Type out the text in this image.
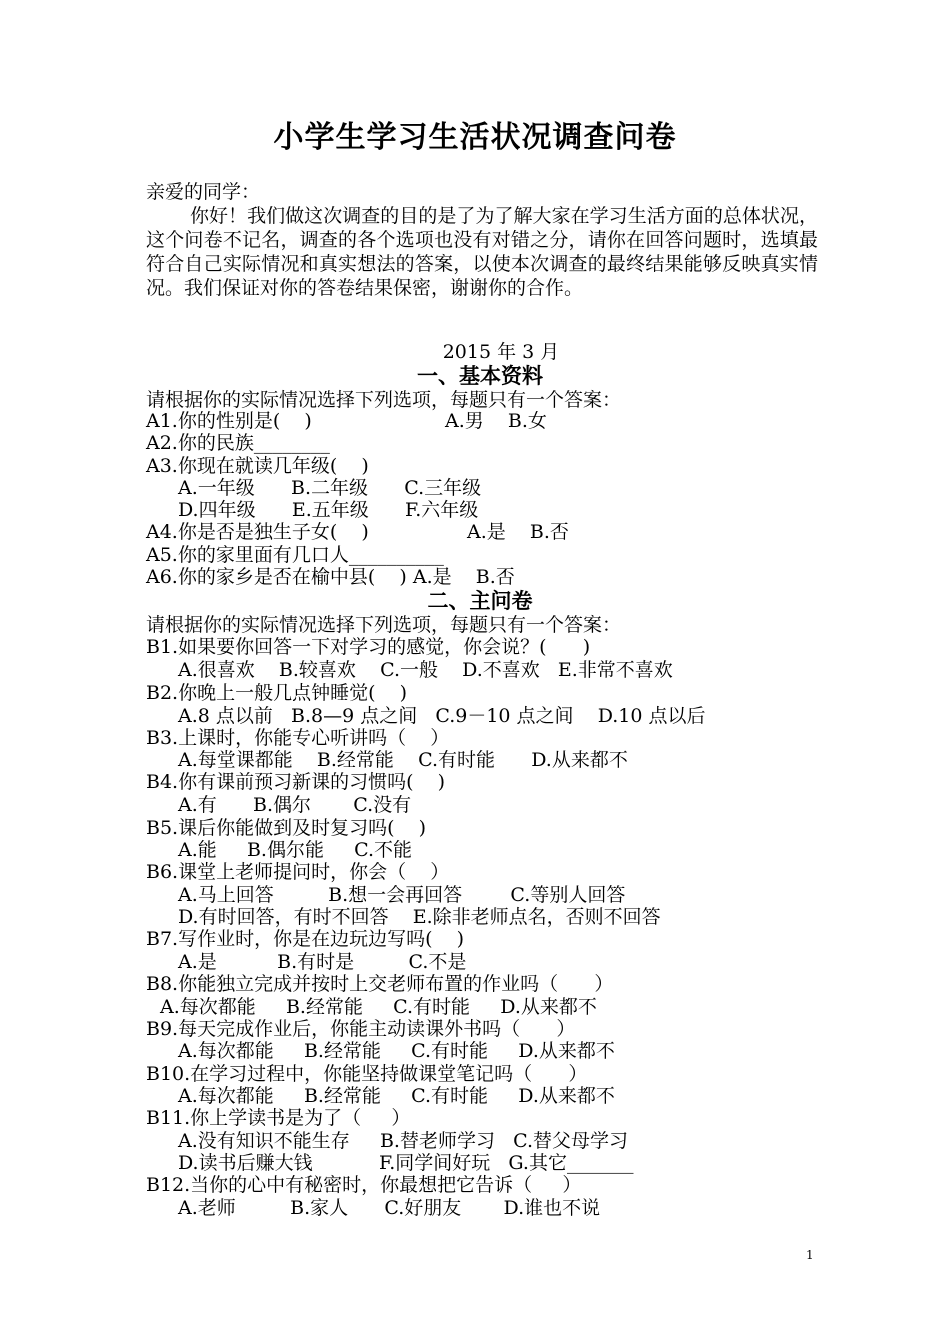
小学生学习生活状况调查问卷

亲爱的同学：

你好！我们做这次调查的目的是了为了解大家在学习生活方面的总体状况，这个问卷不记名，调查的各个选项也没有对错之分，请你在回答问题时，选填最符合自己实际情况和真实想法的答案，以使本次调查的最终结果能够反映真实情况。我们保证对你的答卷结果保密，谢谢你的合作。

2015 年 3 月
一、基本资料
请根据你的实际情况选择下列选项，每题只有一个答案：
A1.你的性别是(    )	A.男    B.女
A2.你的民族________
A3.你现在就读几年级(    )
A.一年级      B.二年级      C.三年级
D.四年级      E.五年级      F.六年级
A4.你是否是独生子女(    )	A.是    B.否
A5.你的家里面有几口人__________
A6.你的家乡是否在榆中县(    ) A.是    B.否
二、主问卷
请根据你的实际情况选择下列选项，每题只有一个答案：
B1.如果要你回答一下对学习的感觉，你会说？(      )
A.很喜欢    B.较喜欢    C.一般    D.不喜欢   E.非常不喜欢
B2.你晚上一般几点钟睡觉(    )
A.8 点以前   B.8—9 点之间   C.9－10 点之间    D.10 点以后
B3.上课时，你能专心听讲吗（    ）
A.每堂课都能    B.经常能    C.有时能      D.从来都不
B4.你有课前预习新课的习惯吗(    )
A.有      B.偶尔       C.没有
B5.课后你能做到及时复习吗(    )
A.能     B.偶尔能     C.不能
B6.课堂上老师提问时，你会（    ）
A.马上回答         B.想一会再回答        C.等别人回答
D.有时回答，有时不回答    E.除非老师点名，否则不回答
B7.写作业时，你是在边玩边写吗(    )
A.是          B.有时是         C.不是
B8.你能独立完成并按时上交老师布置的作业吗（      ）
A.每次都能     B.经常能     C.有时能     D.从来都不
B9.每天完成作业后，你能主动读课外书吗（      ）
A.每次都能     B.经常能     C.有时能     D.从来都不
B10.在学习过程中，你能坚持做课堂笔记吗（      ）
A.每次都能     B.经常能     C.有时能     D.从来都不
B11.你上学读书是为了（     ）
A.没有知识不能生存     B.替老师学习   C.替父母学习
D.读书后赚大钱           F.同学间好玩   G.其它_______
B12.当你的心中有秘密时，你最想把它告诉（     ）
A.老师         B.家人      C.好朋友       D.谁也不说
1
